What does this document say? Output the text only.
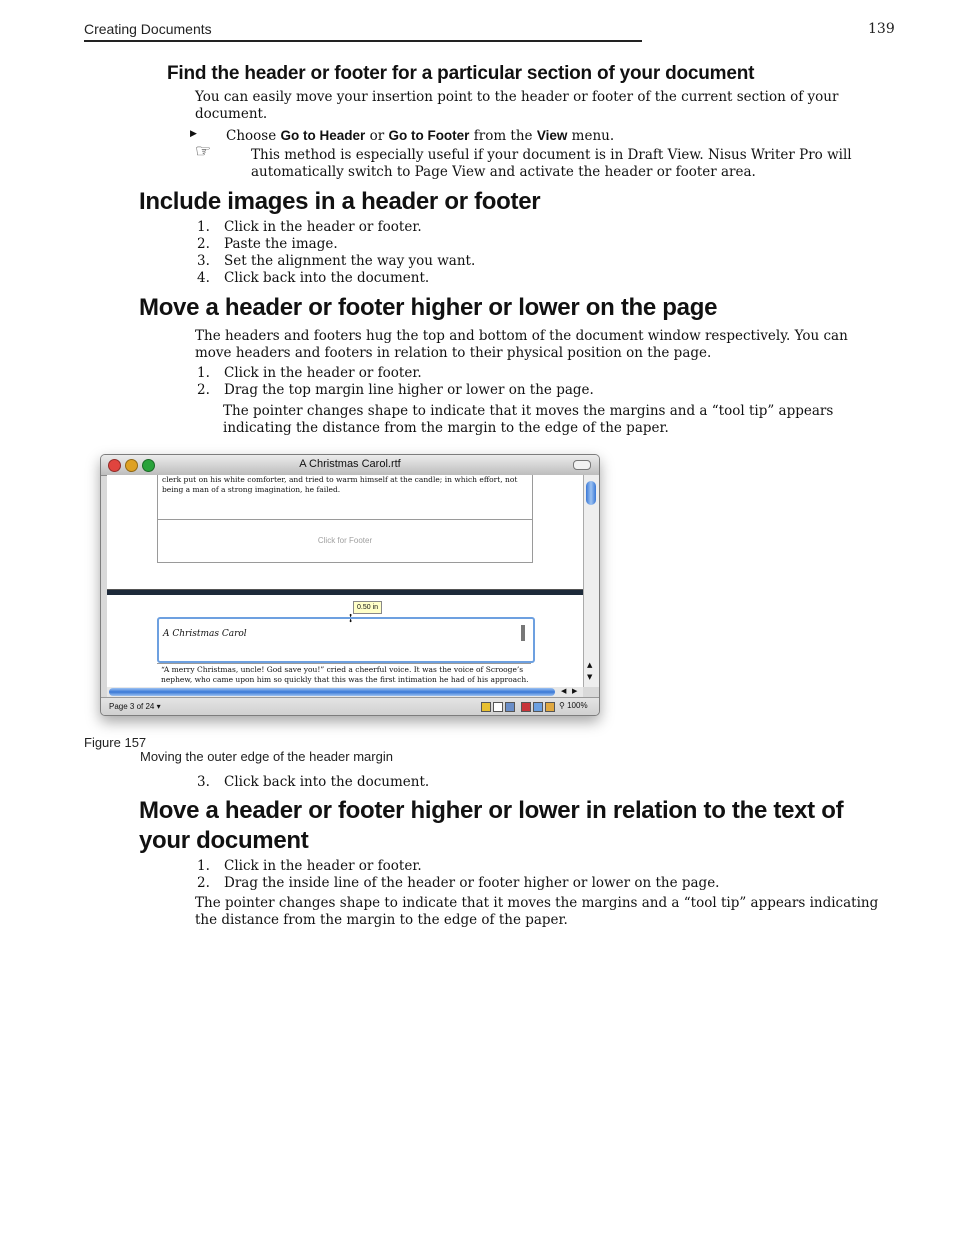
Creating Documents	139
Find the header or footer for a particular section of your document
You can easily move your insertion point to the header or footer of the current section of your
document.
▶ Choose Go to Header or Go to Footer from the View menu.
☞	This method is especially useful if your document is in Draft View. Nisus Writer Pro will
automatically switch to Page View and activate the header or footer area.
Include images in a header or footer
1. Click in the header or footer.
2. Paste the image.
3. Set the alignment the way you want.
4. Click back into the document.
Move a header or footer higher or lower on the page
The headers and footers hug the top and bottom of the document window respectively. You can
move headers and footers in relation to their physical position on the page.
1. Click in the header or footer.
2. Drag the top margin line higher or lower on the page.
The pointer changes shape to indicate that it moves the margins and a “tool tip” appears
indicating the distance from the margin to the edge of the paper.
A Christmas Carol.rtf
clerk put on his white comforter, and tried to warm himself at the candle; in which effort, not
being a man of a strong imagination, he failed.
Click for Footer
0.50 in
✢
A Christmas Carol
“A merry Christmas, uncle! God save you!” cried a cheerful voice. It was the voice of Scrooge’s
nephew, who came upon him so quickly that this was the first intimation he had of his approach.
▲
▼
◀ ▶
Page 3 of 24 ▾	⚲ 100%
Figure 157
Moving the outer edge of the header margin
3. Click back into the document.
Move a header or footer higher or lower in relation to the text of
your document
1. Click in the header or footer.
2. Drag the inside line of the header or footer higher or lower on the page.
The pointer changes shape to indicate that it moves the margins and a “tool tip” appears indicating
the distance from the margin to the edge of the paper.
